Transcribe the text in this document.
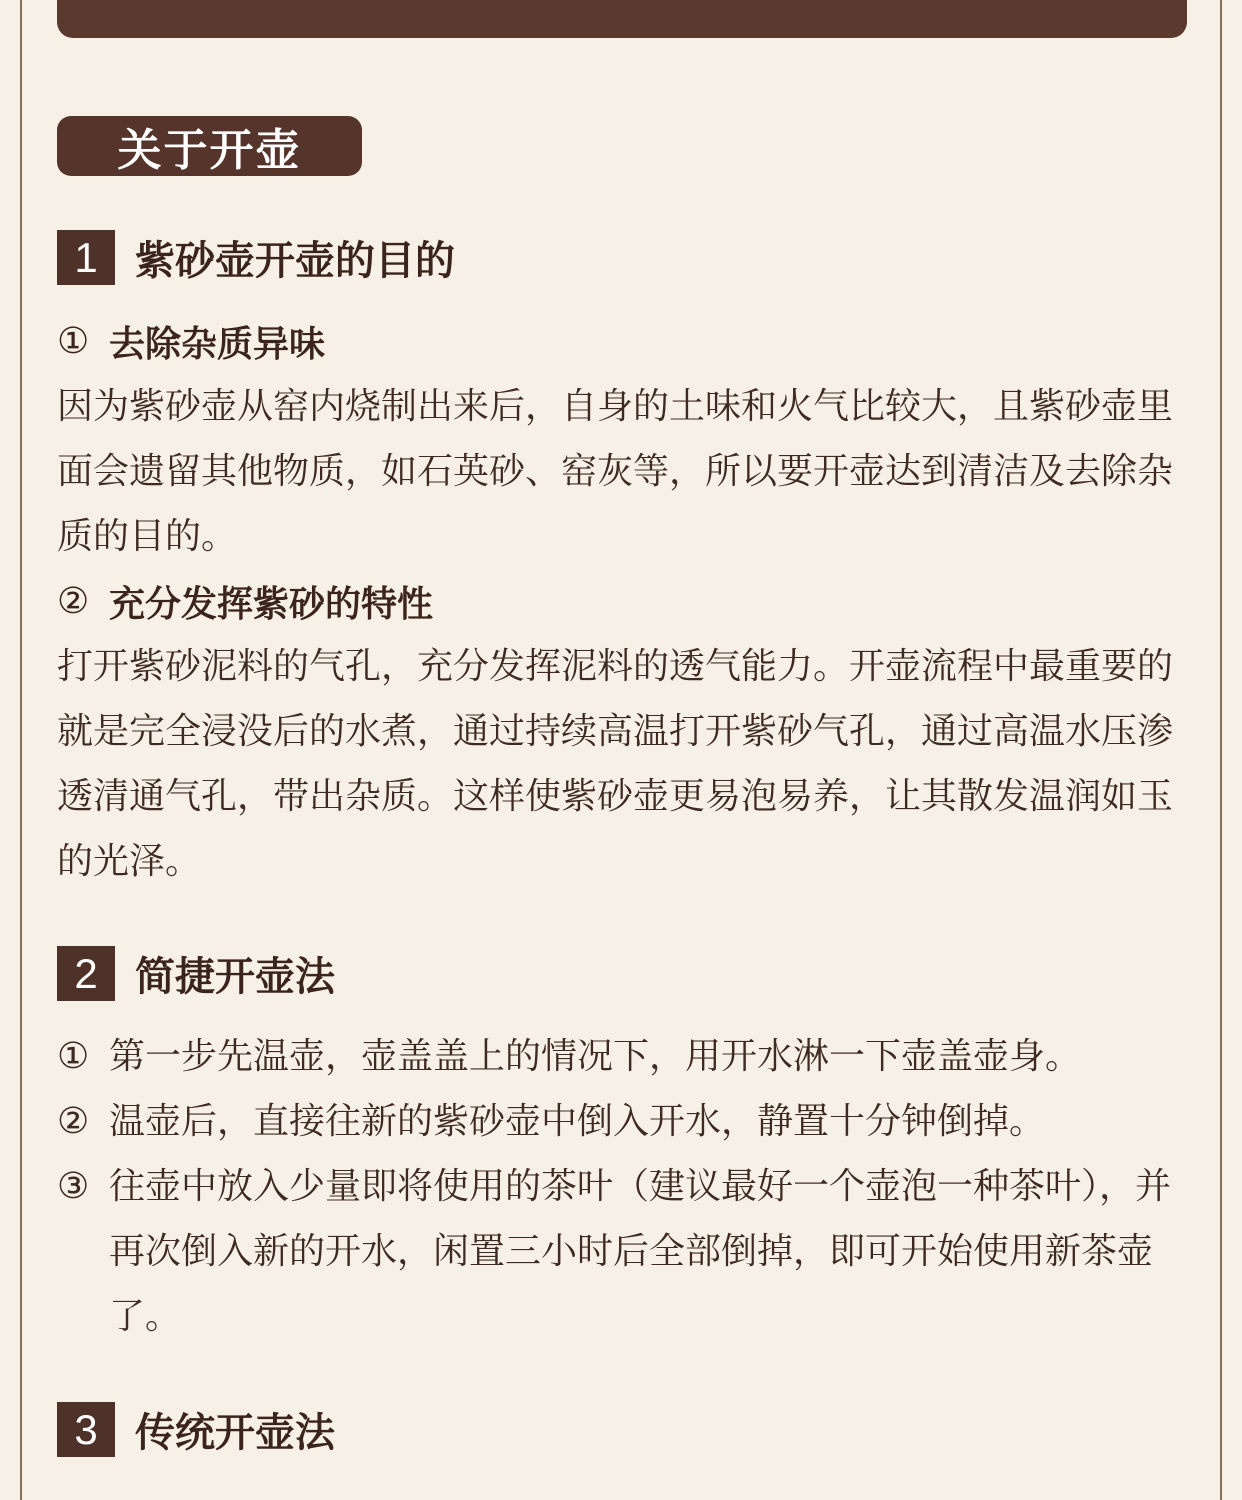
关于开壶
1 紫砂壶开壶的目的
① 去除杂质异味

因为紫砂壶从窑内烧制出来后，自身的土味和火气比较大，且紫砂壶里面会遗留其他物质，如石英砂、窑灰等，所以要开壶达到清洁及去除杂质的目的。

② 充分发挥紫砂的特性

打开紫砂泥料的气孔，充分发挥泥料的透气能力。开壶流程中最重要的就是完全浸没后的水煮，通过持续高温打开紫砂气孔，通过高温水压渗透清通气孔，带出杂质。这样使紫砂壶更易泡易养，让其散发温润如玉的光泽。

2 简捷开壶法
① 第一步先温壶，壶盖盖上的情况下，用开水淋一下壶盖壶身。
② 温壶后，直接往新的紫砂壶中倒入开水，静置十分钟倒掉。
③ 往壶中放入少量即将使用的茶叶（建议最好一个壶泡一种茶叶），并再次倒入新的开水，闲置三小时后全部倒掉，即可开始使用新茶壶了。
3 传统开壶法
